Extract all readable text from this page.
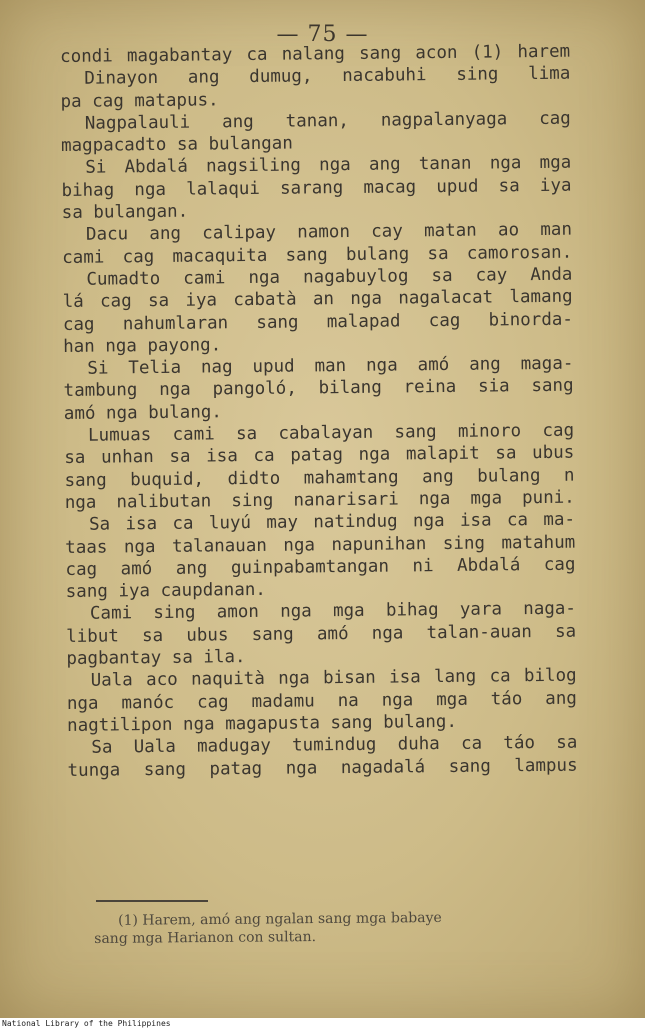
— 75 —
condi magabantay ca nalang sang acon (1) harem
Dinayon ang dumug, nacabuhi sing lima
pa cag matapus.
Nagpalauli ang tanan, nagpalanyaga cag
magpacadto sa bulangan
Si Abdalá nagsiling nga ang tanan nga mga
bihag nga lalaqui sarang macag upud sa iya
sa bulangan.
Dacu ang calipay namon cay matan ao man
cami cag macaquita sang bulang sa camorosan.
Cumadto cami nga nagabuylog sa cay Anda
lá cag sa iya cabatà an nga nagalacat lamang
cag nahumlaran sang malapad cag binorda-
han nga payong.
Si Telia nag upud man nga amó ang maga-
tambung nga pangoló, bilang reina sia sang
amó nga bulang.
Lumuas cami sa cabalayan sang minoro cag
sa unhan sa isa ca patag nga malapit sa ubus
sang buquid, didto mahamtang ang bulang n
nga nalibutan sing nanarisari nga mga puni.
Sa isa ca luyú may natindug nga isa ca ma-
taas nga talanauan nga napunihan sing matahum
cag amó ang guinpabamtangan ni Abdalá cag
sang iya caupdanan.
Cami sing amon nga mga bihag yara naga-
libut sa ubus sang amó nga talan-auan sa
pagbantay sa ila.
Uala aco naquità nga bisan isa lang ca bilog
nga manóc cag madamu na nga mga táo ang
nagtilipon nga magapusta sang bulang.
Sa Uala madugay tumindug duha ca táo sa
tunga sang patag nga nagadalá sang lampus
(1) Harem, amó ang ngalan sang mga babaye
sang mga Harianon con sultan.
National Library of the Philippines
